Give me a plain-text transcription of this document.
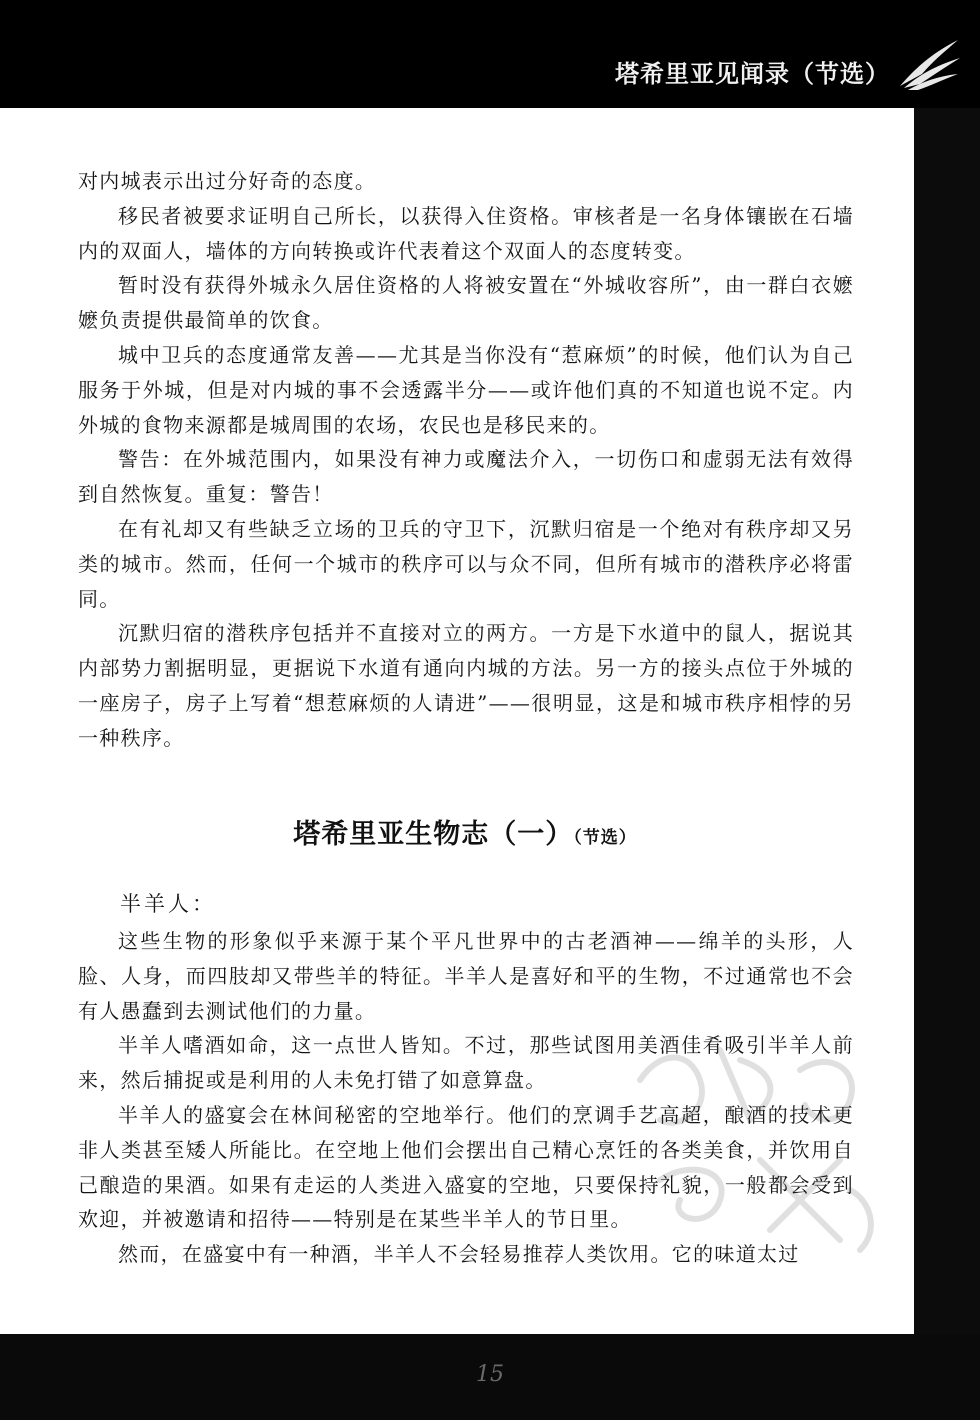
塔希里亚见闻录（节选）

对内城表示出过分好奇的态度。

移民者被要求证明自己所长，以获得入住资格。审核者是一名身体镶嵌在石墙内的双面人，墙体的方向转换或许代表着这个双面人的态度转变。

暂时没有获得外城永久居住资格的人将被安置在“外城收容所”，由一群白衣嬷嬷负责提供最简单的饮食。

城中卫兵的态度通常友善——尤其是当你没有“惹麻烦”的时候，他们认为自己服务于外城，但是对内城的事不会透露半分——或许他们真的不知道也说不定。内外城的食物来源都是城周围的农场，农民也是移民来的。

警告：在外城范围内，如果没有神力或魔法介入，一切伤口和虚弱无法有效得到自然恢复。重复：警告！

在有礼却又有些缺乏立场的卫兵的守卫下，沉默归宿是一个绝对有秩序却又另类的城市。然而，任何一个城市的秩序可以与众不同，但所有城市的潜秩序必将雷同。

沉默归宿的潜秩序包括并不直接对立的两方。一方是下水道中的鼠人，据说其内部势力割据明显，更据说下水道有通向内城的方法。另一方的接头点位于外城的一座房子，房子上写着“想惹麻烦的人请进”——很明显，这是和城市秩序相悖的另一种秩序。

塔希里亚生物志（一）（节选）
半羊人：

这些生物的形象似乎来源于某个平凡世界中的古老酒神——绵羊的头形，人脸、人身，而四肢却又带些羊的特征。半羊人是喜好和平的生物，不过通常也不会有人愚蠢到去测试他们的力量。

半羊人嗜酒如命，这一点世人皆知。不过，那些试图用美酒佳肴吸引半羊人前来，然后捕捉或是利用的人未免打错了如意算盘。

半羊人的盛宴会在林间秘密的空地举行。他们的烹调手艺高超，酿酒的技术更非人类甚至矮人所能比。在空地上他们会摆出自己精心烹饪的各类美食，并饮用自己酿造的果酒。如果有走运的人类进入盛宴的空地，只要保持礼貌，一般都会受到欢迎，并被邀请和招待——特别是在某些半羊人的节日里。

然而，在盛宴中有一种酒，半羊人不会轻易推荐人类饮用。它的味道太过

15
